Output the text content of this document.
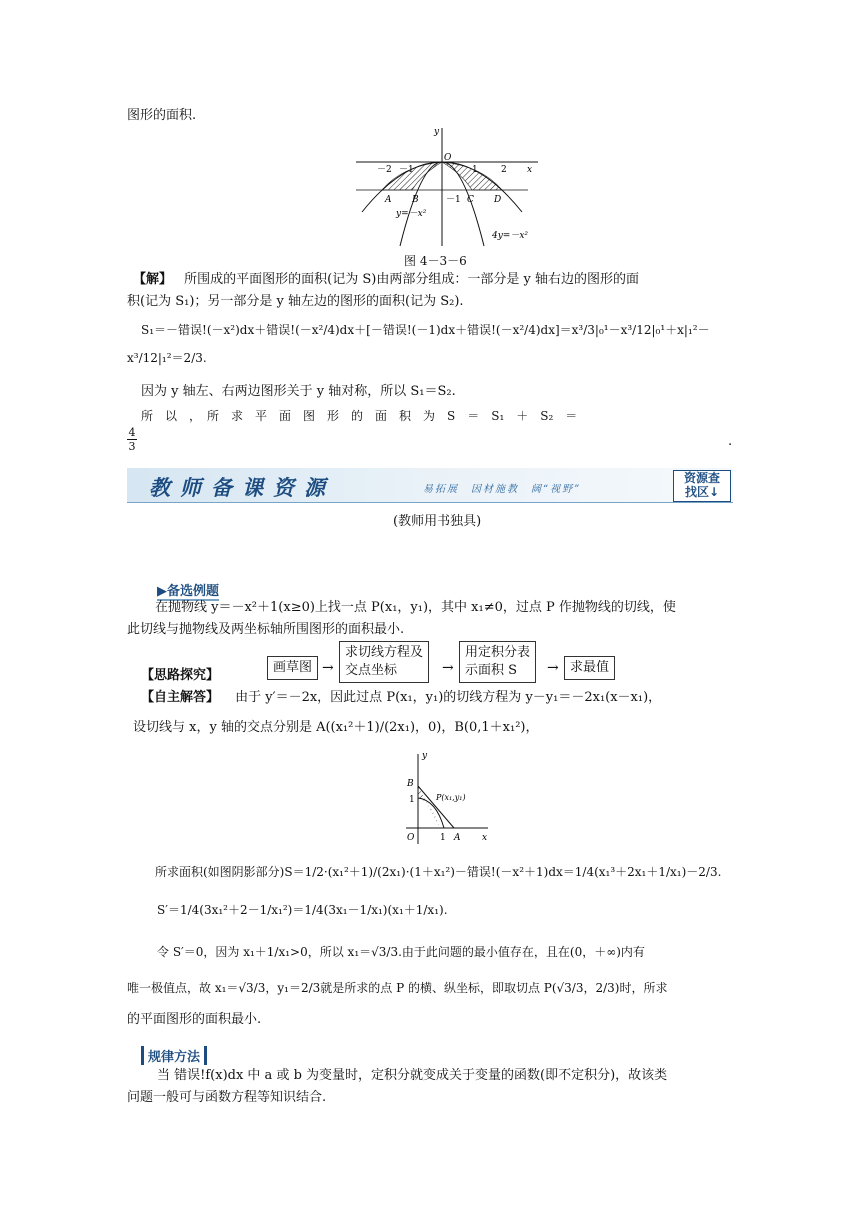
图形的面积.
y
x
O
－2 －1	1	2
－1
A B	C D
y=－x²
4y=－x²
图 4－3－6
【解】 所围成的平面图形的面积(记为 S)由两部分组成：一部分是 y 轴右边的图形的面
积(记为 S₁)；另一部分是 y 轴左边的图形的面积(记为 S₂).
S₁＝－错误!(－x²)dx＋错误!(－x²/4)dx＋[－错误!(－1)dx＋错误!(－x²/4)dx]＝x³/3|₀¹－x³/12|₀¹＋x|₁²－
x³/12|₁²＝2/3.
因为 y 轴左、右两边图形关于 y 轴对称，所以 S₁＝S₂.
所　以　，　所　求　平　面　图　形　的　面　积　为　S　＝　S₁　＋　S₂　＝
$\frac{4}{3}$	.
教师备课资源	易拓展　因材施教　阔“视野”
资源查
找区↓
(教师用书独具)
▶备选例题
在抛物线 y＝－x²＋1(x≥0)上找一点 P(x₁，y₁)，其中 x₁≠0，过点 P 作抛物线的切线，使
此切线与抛物线及两坐标轴所围图形的面积最小.
【思路探究】
画草图 →
求切线方程及
交点坐标	→
用定积分表
示面积 S	→ 求最值
【自主解答】 由于 y′＝－2x，因此过点 P(x₁，y₁)的切线方程为 y－y₁＝－2x₁(x－x₁)，
设切线与 x，y 轴的交点分别是 A((x₁²＋1)/(2x₁)，0)，B(0,1＋x₁²)，
y
x
O
B
1
1 A
P(x₁,y₁)
所求面积(如图阴影部分)S＝1/2·(x₁²＋1)/(2x₁)·(1＋x₁²)－错误!(－x²＋1)dx＝1/4(x₁³＋2x₁＋1/x₁)－2/3.
S′＝1/4(3x₁²＋2－1/x₁²)＝1/4(3x₁－1/x₁)(x₁＋1/x₁).
令 S′＝0，因为 x₁＋1/x₁>0，所以 x₁＝√3/3.由于此问题的最小值存在，且在(0，＋∞)内有
唯一极值点，故 x₁＝√3/3，y₁＝2/3就是所求的点 P 的横、纵坐标，即取切点 P(√3/3，2/3)时，所求
的平面图形的面积最小.
规律方法
当 错误!f(x)dx 中 a 或 b 为变量时，定积分就变成关于变量的函数(即不定积分)，故该类
问题一般可与函数方程等知识结合.
